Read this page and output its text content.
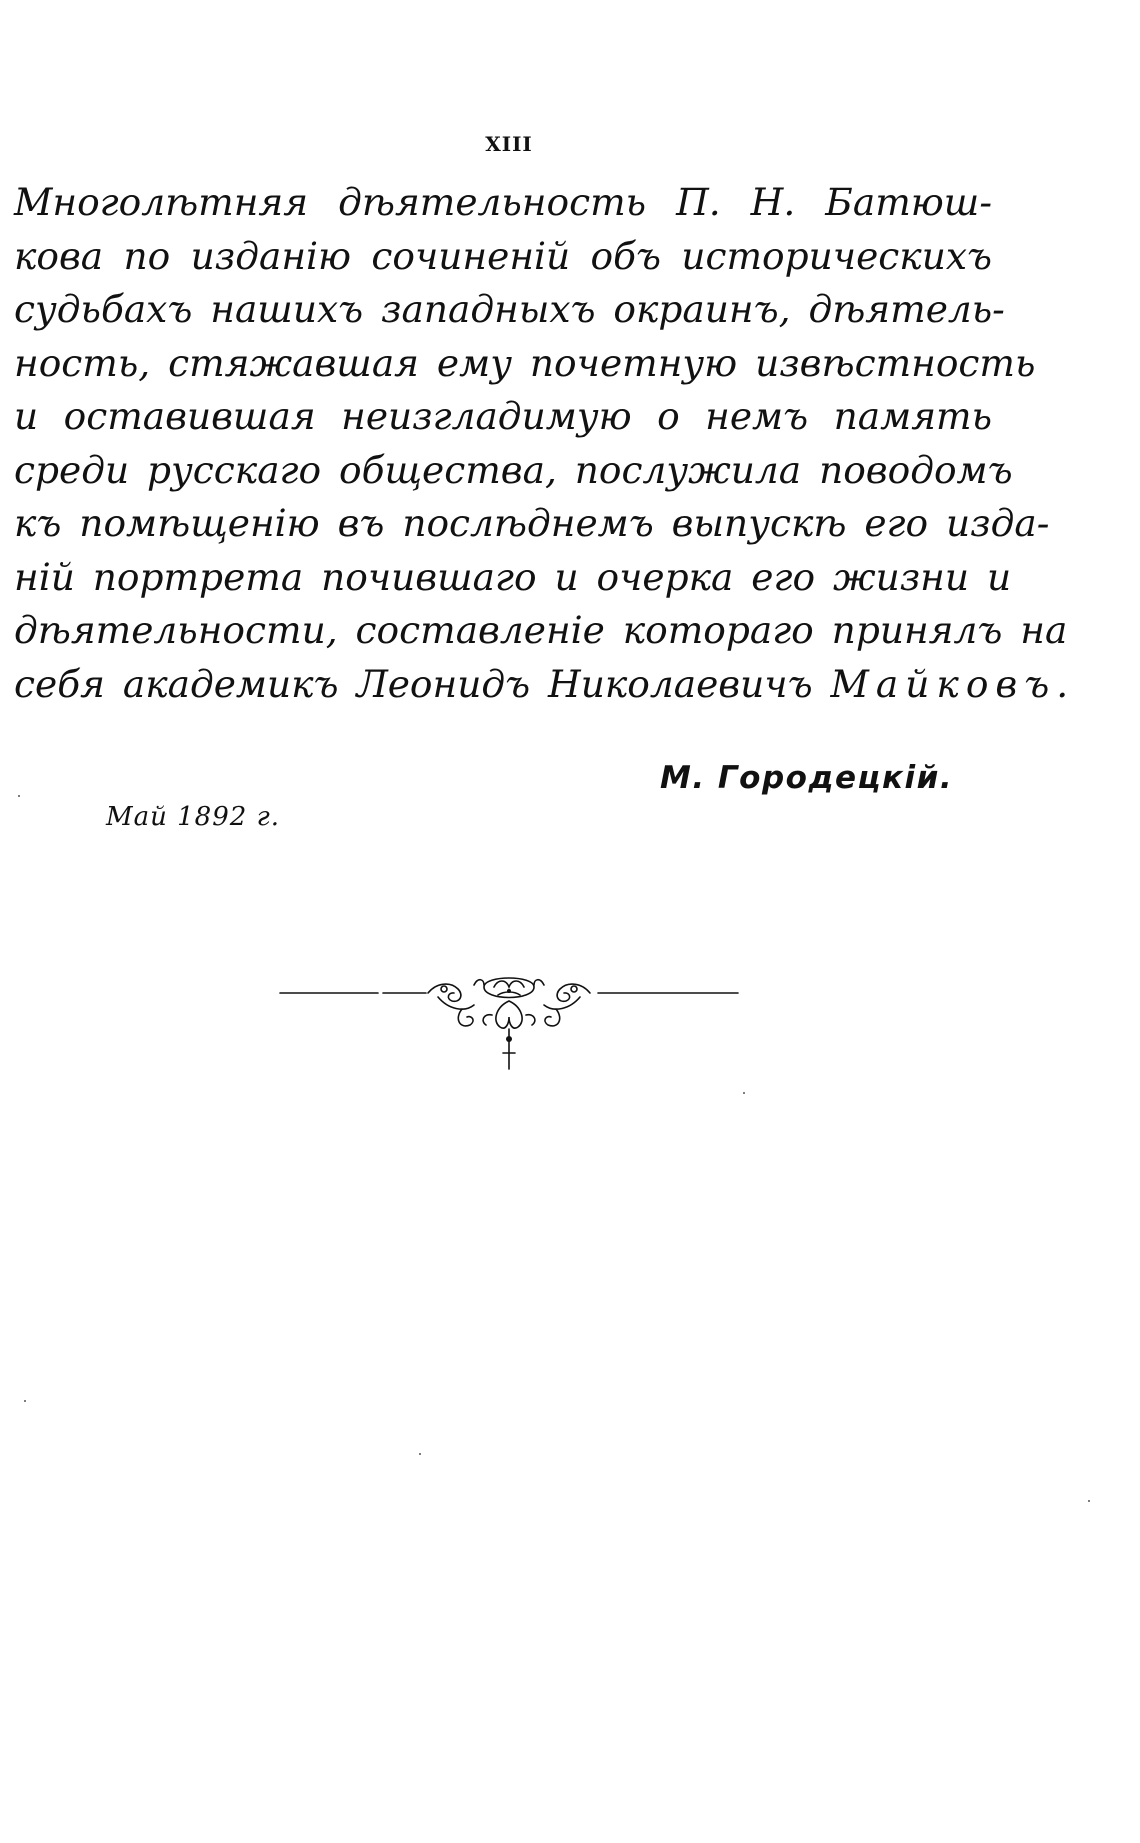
XIII
Многолѣтняя дѣятельность П. Н. Батюш-
кова по изданію сочиненій объ историческихъ
судьбахъ нашихъ западныхъ окраинъ, дѣятель-
ность, стяжавшая ему почетную извѣстность
и оставившая неизгладимую о немъ память
среди русскаго общества, послужила поводомъ
къ помѣщенію въ послѣднемъ выпускѣ его изда-
ній портрета почившаго и очерка его жизни и
дѣятельности, составленіе котораго принялъ на
себя академикъ Леонидъ Николаевичъ Майковъ.
М. Городецкій.
Май 1892 г.
